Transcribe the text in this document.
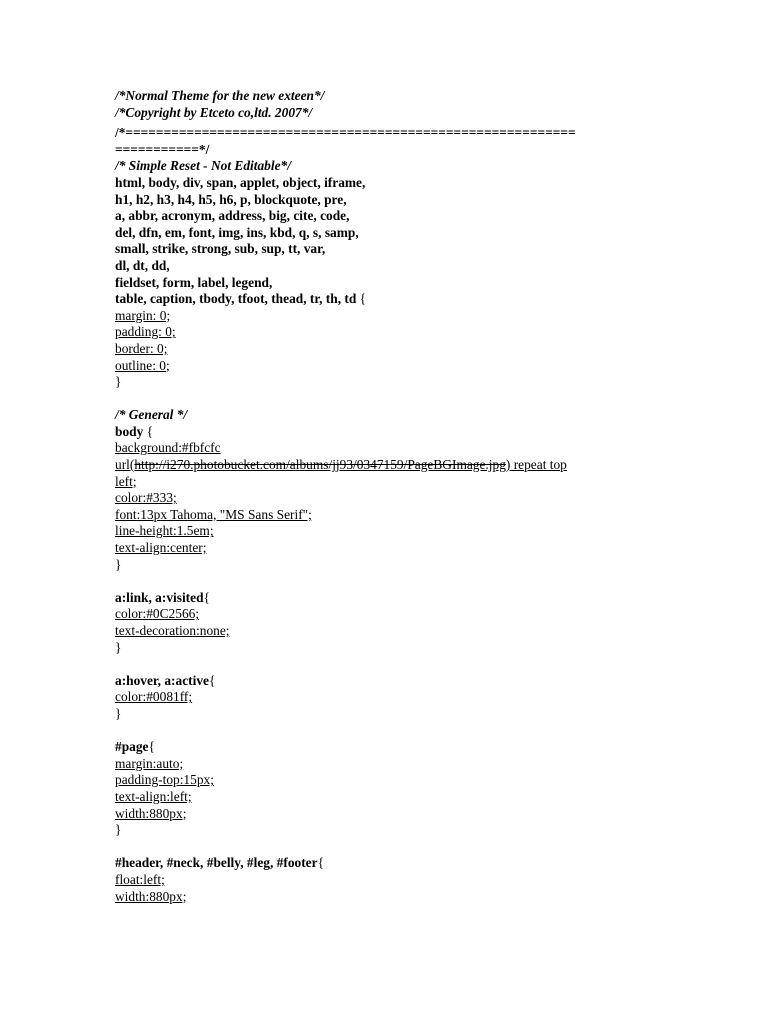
/*Normal Theme for the new exteen*/
/*Copyright by Etceto co,ltd. 2007*/
/*===========================================================
===========*/
/* Simple Reset - Not Editable*/
html, body, div, span, applet, object, iframe,
h1, h2, h3, h4, h5, h6, p, blockquote, pre,
a, abbr, acronym, address, big, cite, code,
del, dfn, em, font, img, ins, kbd, q, s, samp,
small, strike, strong, sub, sup, tt, var,
dl, dt, dd,
fieldset, form, label, legend,
table, caption, tbody, tfoot, thead, tr, th, td {
margin: 0;
padding: 0;
border: 0;
outline: 0;
}
/* General */
body {
background:#fbfcfc
url(http://i270.photobucket.com/albums/jj93/0347159/PageBGImage.jpg) repeat top
left;
color:#333;
font:13px Tahoma, "MS Sans Serif";
line-height:1.5em;
text-align:center;
}
a:link, a:visited{
color:#0C2566;
text-decoration:none;
}
a:hover, a:active{
color:#0081ff;
}
#page{
margin:auto;
padding-top:15px;
text-align:left;
width:880px;
}
#header, #neck, #belly, #leg, #footer{
float:left;
width:880px;
